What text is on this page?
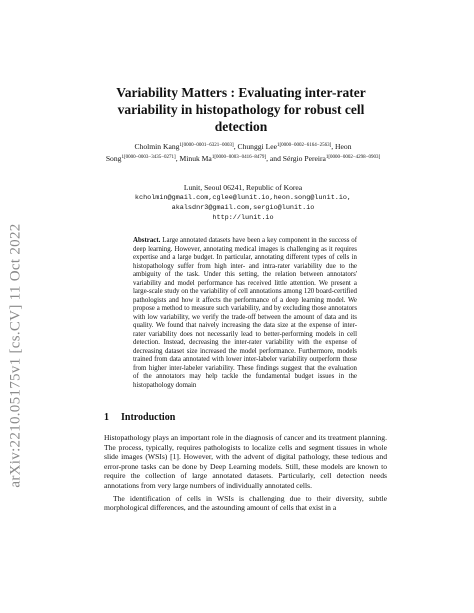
arXiv:2210.05175v1 [cs.CV] 11 Oct 2022
Variability Matters : Evaluating inter-rater variability in histopathology for robust cell detection
Cholmin Kang$^{1[0000-0001-6321-0003]}$, Chunggi Lee$^{1[0000-0002-6164-2563]}$, Heon Song$^{1[0000-0003-3435-0271]}$, Minuk $Ma^{1[0000-0003-0416-8479]}$, and Sérgio Pereira$^{1[0000-0002-4298-0903]}$
Lunit, Seoul 06241, Republic of Korea
kcholmin@gmail.com,cglee@lunit.io,heon.song@lunit.io,
akalsdnr3@gmail.com,sergio@lunit.io
http://lunit.io
Abstract. Large annotated datasets have been a key component in the success of deep learning. However, annotating medical images is challenging as it requires expertise and a large budget. In particular, annotating different types of cells in histopathology suffer from high inter- and intra-rater variability due to the ambiguity of the task. Under this setting, the relation between annotators' variability and model performance has received little attention. We present a large-scale study on the variability of cell annotations among 120 board-certified pathologists and how it affects the performance of a deep learning model. We propose a method to measure such variability, and by excluding those annotators with low variability, we verify the trade-off between the amount of data and its quality. We found that naively increasing the data size at the expense of inter-rater variability does not necessarily lead to better-performing models in cell detection. Instead, decreasing the inter-rater variability with the expense of decreasing dataset size increased the model performance. Furthermore, models trained from data annotated with lower inter-labeler variability outperform those from higher inter-labeler variability. These findings suggest that the evaluation of the annotators may help tackle the fundamental budget issues in the histopathology domain
1 Introduction

Histopathology plays an important role in the diagnosis of cancer and its treatment planning. The process, typically, requires pathologists to localize cells and segment tissues in whole slide images (WSIs) [1]. However, with the advent of digital pathology, these tedious and error-prone tasks can be done by Deep Learning models. Still, these models are known to require the collection of large annotated datasets. Particularly, cell detection needs annotations from very large numbers of individually annotated cells.

The identification of cells in WSIs is challenging due to their diversity, subtle morphological differences, and the astounding amount of cells that exist in a
